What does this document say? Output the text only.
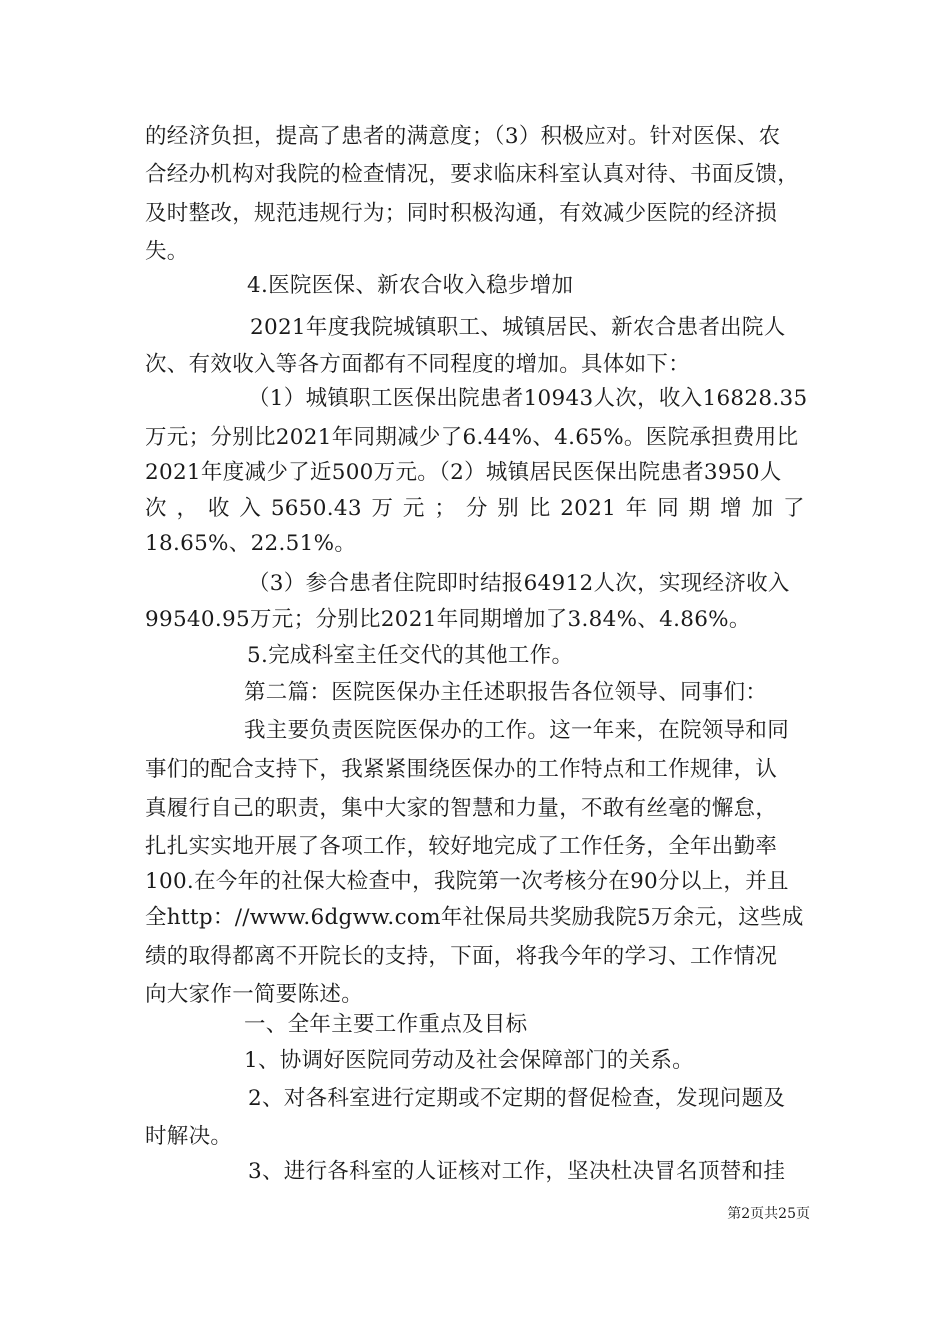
的经济负担，提高了患者的满意度；（3）积极应对。针对医保、农
合经办机构对我院的检查情况，要求临床科室认真对待、书面反馈，
及时整改，规范违规行为；同时积极沟通，有效减少医院的经济损
失。
4.医院医保、新农合收入稳步增加
2021年度我院城镇职工、城镇居民、新农合患者出院人
次、有效收入等各方面都有不同程度的增加。具体如下：
（1）城镇职工医保出院患者10943人次，收入16828.35
万元；分别比2021年同期减少了6.44%、4.65%。医院承担费用比
2021年度减少了近500万元。（2）城镇居民医保出院患者3950人
次 ， 收 入 5650.43 万 元 ； 分 别 比 2021 年 同 期 增 加 了
18.65%、22.51%。
（3）参合患者住院即时结报64912人次，实现经济收入
99540.95万元；分别比2021年同期增加了3.84%、4.86%。
5.完成科室主任交代的其他工作。
第二篇：医院医保办主任述职报告各位领导、同事们：
我主要负责医院医保办的工作。这一年来，在院领导和同
事们的配合支持下，我紧紧围绕医保办的工作特点和工作规律，认
真履行自己的职责，集中大家的智慧和力量，不敢有丝毫的懈怠，
扎扎实实地开展了各项工作，较好地完成了工作任务，全年出勤率
100.在今年的社保大检查中，我院第一次考核分在90分以上，并且
全http：//www.6dgww.com年社保局共奖励我院5万余元，这些成
绩的取得都离不开院长的支持，下面，将我今年的学习、工作情况
向大家作一简要陈述。
一、全年主要工作重点及目标
1、协调好医院同劳动及社会保障部门的关系。
2、对各科室进行定期或不定期的督促检查，发现问题及
时解决。
3、进行各科室的人证核对工作，坚决杜决冒名顶替和挂
第2页共25页
